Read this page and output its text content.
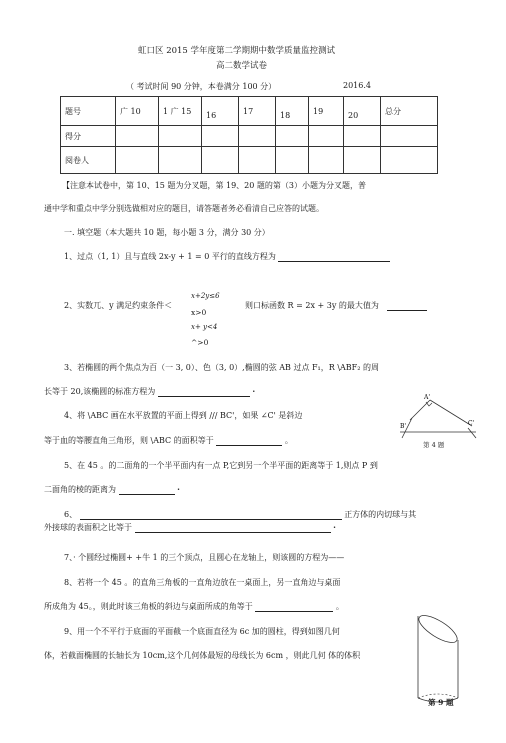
虹口区 2015 学年度第二学期期中数学质量监控测试
高二数学试卷
（ 考试时间 90 分钟，本卷满分 100 分）	2016.4
题号	广 10	1 广 15	16	17	18	19	20	总分
得分								
阅卷人								
【注意本试卷中，第 10、15 题为分叉题，第 19、20 题的第（3）小题为分叉题，普
通中学和重点中学分别选做相对应的题目，请答题者务必看清自己应答的试题。
一. 填空题（本大题共 10 题，每小题 3 分，满分 30 分）
1、过点（1, 1）且与直线 2x-y + 1 = 0 平行的直线方程为
2、实数兀、y 满足约束条件＜
x+2y≤6
x>0
x+ y<4
^>0
则口标函数 R = 2x + 3y 的最大值为
3、若椭圆的两个焦点为百（一 3, 0）、色（3, 0）,椭圆的弦 AB 过点 F₁，R \ABF₂ 的周
长等于 20,该椭圆的标准方程为	·
4、将 \ABC 画在水平放置的平面上得到 /// BC'，如果 ∠C' 是斜边
等于血的等腰直角三角形，则 \ABC 的面积等于	。
A'
B'	C'
第 4 题
5、在 45 。的二面角的一个半平面内有一点 P,它到另一个半平面的距离等于 1,则点 P 到
二面角的棱的距离为	·
6、	正方体的内切球与其
外接球的表面积之比等于	·
7、· 个圆经过椭圆+ +牛 1 的三个顶点，且圆心在龙轴上，则该圆的方程为——
8、若将一个 45 。的直角三角板的一直角边放在一桌面上，另一直角边与桌面
所成角为 45。，则此时该三角板的斜边与桌面所成的角等于	。
9、用一个不平行于底面的平面截一个底面直径为 6c 加的圆柱，得到如图几何
体，若截面椭圆的长轴长为 10cm,这个几何体最短的母线长为 6cm ，则此几何 体的体积
第 9 题
